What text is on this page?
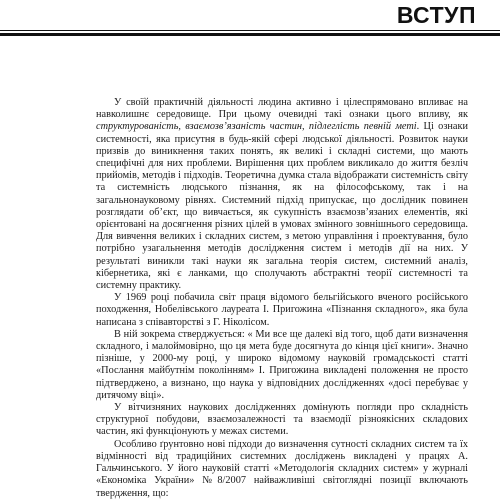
ВСТУП

У своїй практичній діяльності людина активно і цілеспрямовано впливає на навколишнє середовище. При цьому очевидні такі ознаки цього впливу, як структурованість, взаємозв’язаність частин, підлеглість певній меті. Ці ознаки системності, яка присутня в будь-якій сфері людської діяльності. Розвиток науки призвів до виникнення таких понять, як великі і складні системи, що мають специфічні для них проблеми. Вирішення цих проблем викликало до життя безліч прийомів, методів і підходів. Теоретична думка стала відображати системність світу та системність людського пізнання, як на філософському, так і на загальнонауковому рівнях. Системний підхід припускає, що дослідник повинен розглядати об’єкт, що вивчається, як сукупність взаємозв’язаних елементів, які орієнтовані на досягнення різних цілей в умовах змінного зовнішнього середовища. Для вивчення великих і складних систем, з метою управління і проектування, було потрібно узагальнення методів дослідження систем і методів дії на них. У результаті виникли такі науки як загальна теорія систем, системний аналіз, кібернетика, які є ланками, що сполучають абстрактні теорії системності та системну практику.

У 1969 році побачила світ праця відомого бельгійського вченого російського походження, Нобелівського лауреата І. Пригожина «Пізнання складного», яка була написана з співавторстві з Г. Ніколісом.

В ній зокрема стверджується: « Ми все ще далекі від того, щоб дати визначення складного, і малоймовірно, що ця мета буде досягнута до кінця цієї книги». Значно пізніше, у 2000-му році, у широко відомому науковій громадськості статті «Послання майбутнім поколінням» І. Пригожина викладені положення не просто підтверджено, а визнано, що наука у відповідних дослідженнях «досі перебуває у дитячому віці».

У вітчизняних наукових дослідженнях домінують погляди про складність структурної побудови, взаємозалежності та взаємодії різноякісних складових частин, які функціонують у межах системи.

Особливо ґрунтовно нові підходи до визначення сутності складних систем та їх відмінності від традиційних системних досліджень викладені у працях А. Гальчинського. У його науковій статті «Методологія складних систем» у журналі «Економіка України» №8/2007 найважливіші світоглядні позиції включають твердження, що:
